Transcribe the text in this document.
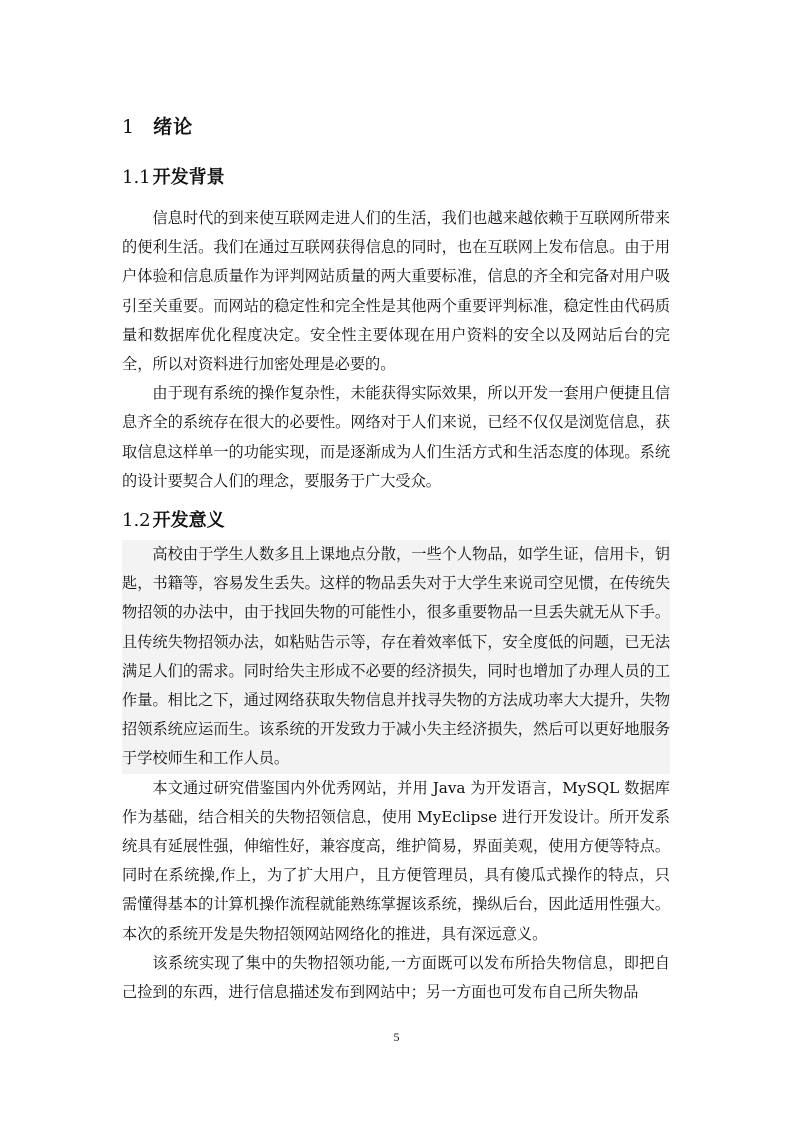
1 绪论
1.1 开发背景

信息时代的到来使互联网走进人们的生活，我们也越来越依赖于互联网所带来的便利生活。我们在通过互联网获得信息的同时，也在互联网上发布信息。由于用户体验和信息质量作为评判网站质量的两大重要标准，信息的齐全和完备对用户吸引至关重要。而网站的稳定性和完全性是其他两个重要评判标准，稳定性由代码质量和数据库优化程度决定。安全性主要体现在用户资料的安全以及网站后台的完全，所以对资料进行加密处理是必要的。

由于现有系统的操作复杂性，未能获得实际效果，所以开发一套用户便捷且信息齐全的系统存在很大的必要性。网络对于人们来说，已经不仅仅是浏览信息，获取信息这样单一的功能实现，而是逐渐成为人们生活方式和生活态度的体现。系统的设计要契合人们的理念，要服务于广大受众。

1.2 开发意义

高校由于学生人数多且上课地点分散，一些个人物品，如学生证，信用卡，钥匙，书籍等，容易发生丢失。这样的物品丢失对于大学生来说司空见惯，在传统失物招领的办法中，由于找回失物的可能性小，很多重要物品一旦丢失就无从下手。且传统失物招领办法，如粘贴告示等，存在着效率低下，安全度低的问题，已无法满足人们的需求。同时给失主形成不必要的经济损失，同时也增加了办理人员的工作量。相比之下，通过网络获取失物信息并找寻失物的方法成功率大大提升，失物招领系统应运而生。该系统的开发致力于减小失主经济损失，然后可以更好地服务于学校师生和工作人员。

本文通过研究借鉴国内外优秀网站，并用 Java 为开发语言，MySQL 数据库作为基础，结合相关的失物招领信息，使用 MyEclipse 进行开发设计。所开发系统具有延展性强，伸缩性好，兼容度高，维护简易，界面美观，使用方便等特点。同时在系统操,作上，为了扩大用户，且方便管理员，具有傻瓜式操作的特点，只需懂得基本的计算机操作流程就能熟练掌握该系统，操纵后台，因此适用性强大。本次的系统开发是失物招领网站网络化的推进，具有深远意义。

该系统实现了集中的失物招领功能,一方面既可以发布所拾失物信息，即把自己捡到的东西，进行信息描述发布到网站中；另一方面也可发布自己所失物品

5
